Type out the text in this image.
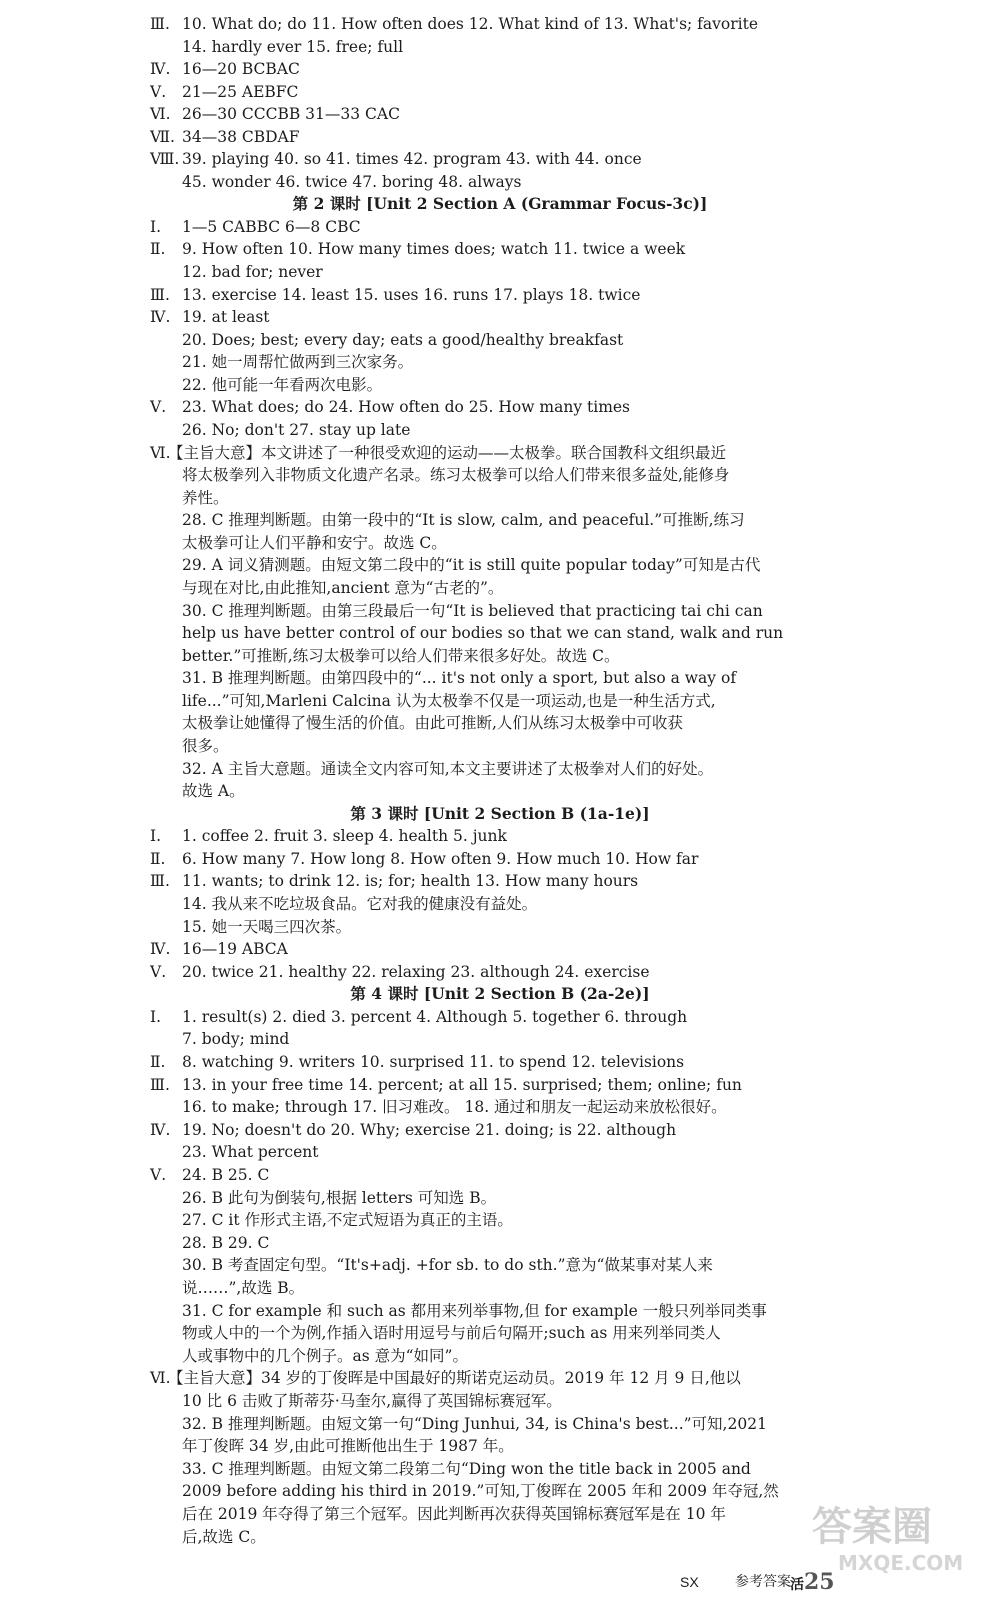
Ⅲ. 10. What do; do 11. How often does 12. What kind of 13. What's; favorite
14. hardly ever 15. free; full
Ⅳ. 16—20 BCBAC
Ⅴ. 21—25 AEBFC
Ⅵ. 26—30 CCCBB 31—33 CAC
Ⅶ. 34—38 CBDAF
Ⅷ. 39. playing 40. so 41. times 42. program 43. with 44. once
45. wonder 46. twice 47. boring 48. always
Ⅰ. 1—5 CABBC 6—8 CBC
Ⅱ. 9. How often 10. How many times does; watch 11. twice a week
12. bad for; never
Ⅲ. 13. exercise 14. least 15. uses 16. runs 17. plays 18. twice
Ⅳ. 19. at least
20. Does; best; every day; eats a good/healthy breakfast
21. 她一周帮忙做两到三次家务。
22. 他可能一年看两次电影。
Ⅴ. 23. What does; do 24. How often do 25. How many times
26. No; don't 27. stay up late
Ⅵ.
【主旨大意】本文讲述了一种很受欢迎的运动——太极拳。联合国教科文组织最近
将太极拳列入非物质文化遗产名录。练习太极拳可以给人们带来很多益处,能修身
养性。
28. C 推理判断题。由第一段中的“It is slow, calm, and peaceful.”可推断,练习
太极拳可让人们平静和安宁。故选 C。
29. A 词义猜测题。由短文第二段中的“it is still quite popular today”可知是古代
与现在对比,由此推知,ancient 意为“古老的”。
30. C 推理判断题。由第三段最后一句“It is believed that practicing tai chi can
help us have better control of our bodies so that we can stand, walk and run
better.”可推断,练习太极拳可以给人们带来很多好处。故选 C。
31. B 推理判断题。由第四段中的“... it's not only a sport, but also a way of
life...”可知,Marleni Calcina 认为太极拳不仅是一项运动,也是一种生活方式,
太极拳让她懂得了慢生活的价值。由此可推断,人们从练习太极拳中可收获
很多。
32. A 主旨大意题。通读全文内容可知,本文主要讲述了太极拳对人们的好处。
故选 A。
Ⅰ. 1. coffee 2. fruit 3. sleep 4. health 5. junk
Ⅱ. 6. How many 7. How long 8. How often 9. How much 10. How far
Ⅲ. 11. wants; to drink 12. is; for; health 13. How many hours
14. 我从来不吃垃圾食品。它对我的健康没有益处。
15. 她一天喝三四次茶。
Ⅳ. 16—19 ABCA
Ⅴ. 20. twice 21. healthy 22. relaxing 23. although 24. exercise
Ⅰ. 1. result(s) 2. died 3. percent 4. Although 5. together 6. through
7. body; mind
Ⅱ. 8. watching 9. writers 10. surprised 11. to spend 12. televisions
Ⅲ. 13. in your free time 14. percent; at all 15. surprised; them; online; fun
16. to make; through 17. 旧习难改。 18. 通过和朋友一起运动来放松很好。
Ⅳ. 19. No; doesn't do 20. Why; exercise 21. doing; is 22. although
23. What percent
Ⅴ. 24. B 25. C
26. B 此句为倒装句,根据 letters 可知选 B。
27. C it 作形式主语,不定式短语为真正的主语。
28. B 29. C
30. B 考查固定句型。“It's+adj. +for sb. to do sth.”意为“做某事对某人来
说……”,故选 B。
31. C for example 和 such as 都用来列举事物,但 for example 一般只列举同类事
物或人中的一个为例,作插入语时用逗号与前后句隔开;such as 用来列举同类人
人或事物中的几个例子。as 意为“如同”。
Ⅵ.
【主旨大意】34 岁的丁俊晖是中国最好的斯诺克运动员。2019 年 12 月 9 日,他以
10 比 6 击败了斯蒂芬·马奎尔,赢得了英国锦标赛冠军。
32. B 推理判断题。由短文第一句“Ding Junhui, 34, is China's best...”可知,2021
年丁俊晖 34 岁,由此可推断他出生于 1987 年。
33. C 推理判断题。由短文第二段第二句“Ding won the title back in 2005 and
2009 before adding his third in 2019.”可知,丁俊晖在 2005 年和 2009 年夺冠,然
后在 2019 年夺得了第三个冠军。因此判断再次获得英国锦标赛冠军是在 10 年
后,故选 C。
第 2 课时 [Unit 2 Section A (Grammar Focus-3c)]
第 3 课时 [Unit 2 Section B (1a-1e)]
第 4 课时 [Unit 2 Section B (2a-2e)]
SX	参考答案 活25
答案圈
MXQE.COM
